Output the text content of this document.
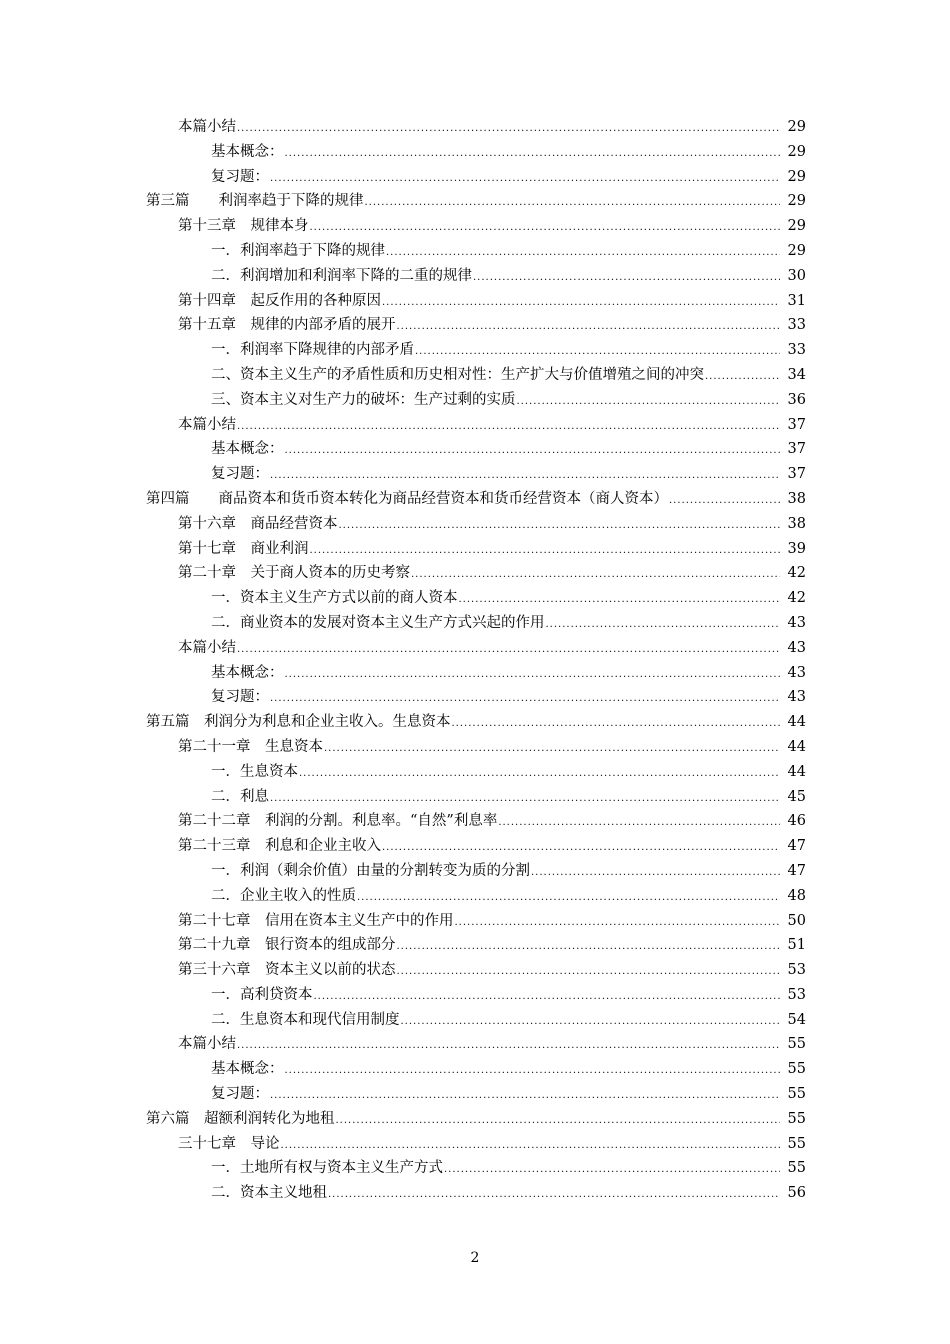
本篇小结 .....	29
基本概念： .....	29
复习题： .....	29
第三篇　　利润率趋于下降的规律 .....	29
第十三章　规律本身 .....	29
一．利润率趋于下降的规律 .....	29
二．利润增加和利润率下降的二重的规律 .....	30
第十四章　起反作用的各种原因 .....	31
第十五章　规律的内部矛盾的展开 .....	33
一．利润率下降规律的内部矛盾 .....	33
二、资本主义生产的矛盾性质和历史相对性：生产扩大与价值增殖之间的冲突 .....	34
三、资本主义对生产力的破坏：生产过剩的实质 .....	36
本篇小结 .....	37
基本概念： .....	37
复习题： .....	37
第四篇　　商品资本和货币资本转化为商品经营资本和货币经营资本（商人资本） .....	38
第十六章　商品经营资本 .....	38
第十七章　商业利润 .....	39
第二十章　关于商人资本的历史考察 .....	42
一．资本主义生产方式以前的商人资本 .....	42
二．商业资本的发展对资本主义生产方式兴起的作用 .....	43
本篇小结 .....	43
基本概念： .....	43
复习题： .....	43
第五篇　利润分为利息和企业主收入。生息资本 .....	44
第二十一章　生息资本 .....	44
一．生息资本 .....	44
二．利息 .....	45
第二十二章　利润的分割。利息率。“自然”利息率 .....	46
第二十三章　利息和企业主收入 .....	47
一．利润（剩余价值）由量的分割转变为质的分割 .....	47
二．企业主收入的性质 .....	48
第二十七章　信用在资本主义生产中的作用 .....	50
第二十九章　银行资本的组成部分 .....	51
第三十六章　资本主义以前的状态 .....	53
一．高利贷资本 .....	53
二．生息资本和现代信用制度 .....	54
本篇小结 .....	55
基本概念： .....	55
复习题： .....	55
第六篇　超额利润转化为地租 .....	55
三十七章　导论 .....	55
一．土地所有权与资本主义生产方式 .....	55
二．资本主义地租 .....	56
2
